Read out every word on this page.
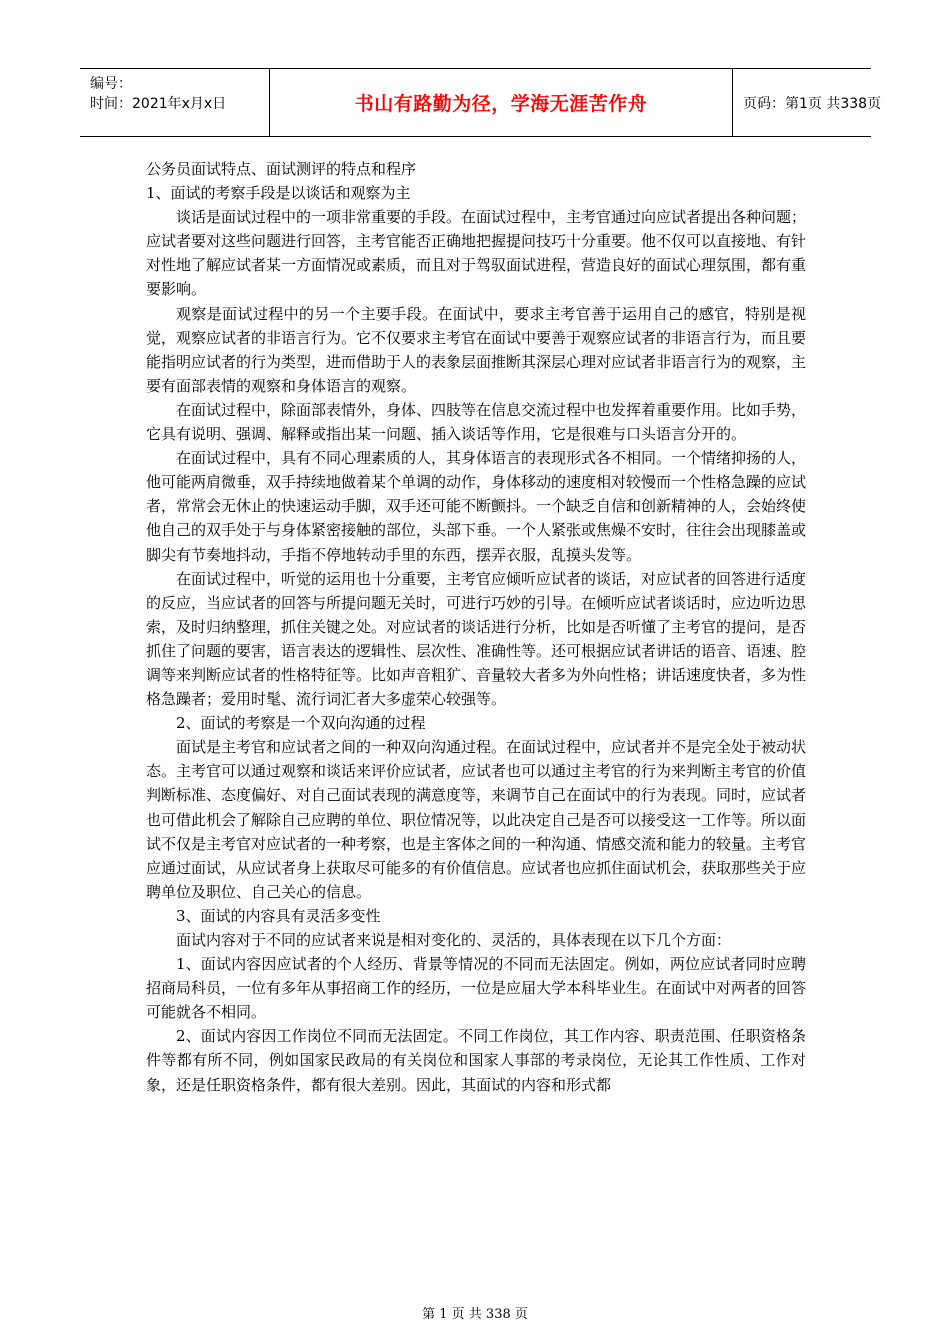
编号：
时间：2021年x月x日	书山有路勤为径，学海无涯苦作舟	页码：第1页 共338页

公务员面试特点、面试测评的特点和程序

1、面试的考察手段是以谈话和观察为主

谈话是面试过程中的一项非常重要的手段。在面试过程中，主考官通过向应试者提出各种问题；应试者要对这些问题进行回答，主考官能否正确地把握提问技巧十分重要。他不仅可以直接地、有针对性地了解应试者某一方面情况或素质，而且对于驾驭面试进程，营造良好的面试心理氛围，都有重要影响。

观察是面试过程中的另一个主要手段。在面试中，要求主考官善于运用自己的感官，特别是视觉，观察应试者的非语言行为。它不仅要求主考官在面试中要善于观察应试者的非语言行为，而且要能指明应试者的行为类型，进而借助于人的表象层面推断其深层心理对应试者非语言行为的观察，主要有面部表情的观察和身体语言的观察。

在面试过程中，除面部表情外，身体、四肢等在信息交流过程中也发挥着重要作用。比如手势，它具有说明、强调、解释或指出某一问题、插入谈话等作用，它是很难与口头语言分开的。

在面试过程中，具有不同心理素质的人，其身体语言的表现形式各不相同。一个情绪抑扬的人，他可能两肩微垂，双手持续地做着某个单调的动作，身体移动的速度相对较慢而一个性格急躁的应试者，常常会无休止的快速运动手脚，双手还可能不断颤抖。一个缺乏自信和创新精神的人，会始终使他自己的双手处于与身体紧密接触的部位，头部下垂。一个人紧张或焦燥不安时，往往会出现膝盖或脚尖有节奏地抖动，手指不停地转动手里的东西，摆弄衣服，乱摸头发等。

在面试过程中，听觉的运用也十分重要，主考官应倾听应试者的谈话，对应试者的回答进行适度的反应，当应试者的回答与所提问题无关时，可进行巧妙的引导。在倾听应试者谈话时，应边听边思索，及时归纳整理，抓住关键之处。对应试者的谈话进行分析，比如是否听懂了主考官的提问，是否抓住了问题的要害，语言表达的逻辑性、层次性、准确性等。还可根据应试者讲话的语音、语速、腔调等来判断应试者的性格特征等。比如声音粗犷、音量较大者多为外向性格；讲话速度快者，多为性格急躁者；爱用时髦、流行词汇者大多虚荣心较强等。

2、面试的考察是一个双向沟通的过程

面试是主考官和应试者之间的一种双向沟通过程。在面试过程中，应试者并不是完全处于被动状态。主考官可以通过观察和谈话来评价应试者，应试者也可以通过主考官的行为来判断主考官的价值判断标准、态度偏好、对自己面试表现的满意度等，来调节自己在面试中的行为表现。同时，应试者也可借此机会了解除自己应聘的单位、职位情况等，以此决定自己是否可以接受这一工作等。所以面试不仅是主考官对应试者的一种考察，也是主客体之间的一种沟通、情感交流和能力的较量。主考官应通过面试，从应试者身上获取尽可能多的有价值信息。应试者也应抓住面试机会，获取那些关于应聘单位及职位、自己关心的信息。

3、面试的内容具有灵活多变性

面试内容对于不同的应试者来说是相对变化的、灵活的，具体表现在以下几个方面：

1、面试内容因应试者的个人经历、背景等情况的不同而无法固定。例如，两位应试者同时应聘招商局科员，一位有多年从事招商工作的经历，一位是应届大学本科毕业生。在面试中对两者的回答可能就各不相同。

2、面试内容因工作岗位不同而无法固定。不同工作岗位，其工作内容、职责范围、任职资格条件等都有所不同，例如国家民政局的有关岗位和国家人事部的考录岗位，无论其工作性质、工作对象，还是任职资格条件，都有很大差别。因此，其面试的内容和形式都

第 1 页 共 338 页
